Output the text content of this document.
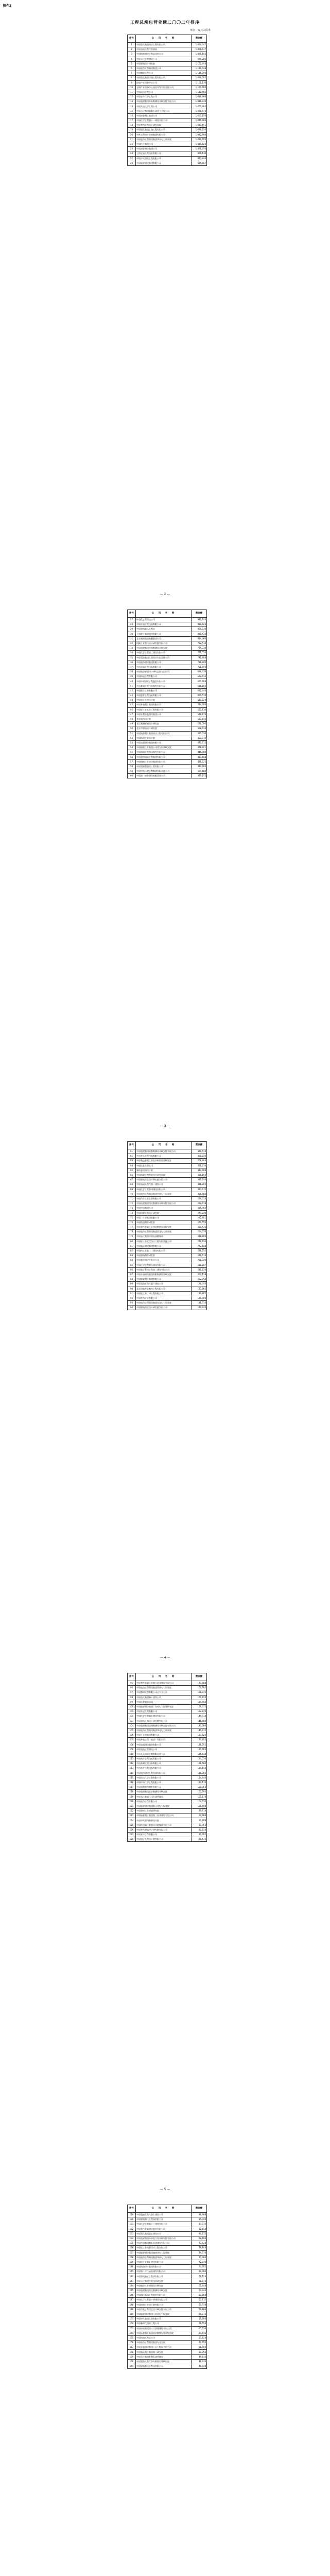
附件2
工程总承包营业额二〇〇二年排序
单位：万元人民币
序号	公　司　名　称	营业额
1	中国石化集团南京工程有限公司	1,064,347
2	中国石油天然气管道局	1,006,537
3	中国铁路建设工程总承包公司	1,001,103
4	中国石化工程建设公司	976,302
5	中国建筑设计研究院	1,150,648
6	中国电力工程顾问集团公司	1,139,548
7	中国寰球工程公司	1,111,793
8	中国石化集团宁波工程有限公司	1,089,302
9	国电产业投资中心公司	1,101,130
10	宝钢产业投资中心技术开发有限责任公司	1,100,000
11	中国成达工程公司	1,112,402
12	中国五环化学工程公司	1,088,760
13	中国电建集团华东勘测设计研究院有限公司	1,086,330
14	中国天辰化学工程公司	1,060,765
15	中国石化集团洛阳石油化工工程公司	1,068,570
16	中国冶金科工集团公司	1,060,150
17	中国化学工程第十一建设有限公司	1,045,306
18	中国有色工程设计研究总院	1,037,651
19	中国石化集团上海工程有限公司	1,028,820
20	中铁工程设计咨询集团有限公司	1,022,490
21	中国电力工程顾问集团华东电力设计院	1,018,703
22	中国化工集团公司	1,015,520
23	中国冶金建设集团公司	1,001,450
24	上海宝冶工程技术有限公司	996,130
25	中国中元国际工程有限公司	973,840
26	中国能源建设集团有限公司	955,607
— 2 —
序号	公　司　名　称	营业额
27	中石化工程建设公司	939,820
28	中国京冶工程技术有限公司	918,626
29	中国建筑第八工程局	866,530
30	上海建工集团股份有限公司	829,412
31	北京城建集团有限责任公司	814,360
32	机械工业第六设计研究院有限公司	792,514
33	中国电建集团中南勘测设计研究院	775,330
34	中国化学工程第三建设有限公司	752,016
35	中国石油集团工程设计有限责任公司	741,608
36	中国电力建设集团有限公司	716,200
37	中冶京诚工程技术有限公司	701,550
38	中国航空规划设计研究总院有限公司	688,330
39	中国核电工程有限公司	672,415
40	中国中材国际工程股份有限公司	650,208
41	中冶赛迪工程技术股份有限公司	638,102
42	中国联合工程有限公司	622,740
43	中国恩菲工程技术有限公司	605,510
44	中国电子工程设计院	587,920
45	中国华电科工集团有限公司	574,206
46	中国轻工业长沙工程有限公司	562,130
47	中国水利水电建设集团公司	549,876
48	华东电力设计院	537,612
49	长江勘测规划设计研究院	521,300
50	北京市建筑设计研究院	508,416
51	中国冶金科工集团南京工程有限公司	495,030
52	中国纺织工业设计院	482,770
53	中国交通建设集团有限公司	470,512
54	中国船舶工业集团公司第九设计研究院	458,201
55	中国海诚工程科技股份有限公司	445,306
56	中国建材国际工程集团有限公司	433,108
57	中国机械工业建设集团有限公司	421,625
58	中国石油管道局工程有限公司	410,294
59	中国中铁二院工程集团有限责任公司	399,880
60	中国第一冶金建设有限责任公司	389,152
— 3 —
序号	公　司　名　称	营业额
61	中国电建集团成都勘测设计研究院有限公司	378,510
62	中冶华天工程技术有限公司	368,720
63	中国有色金属工业长沙勘察设计研究院	359,404
64	中国昆仑工程公司	351,216
65	湖南省建筑设计院	343,908
66	中国市政工程华北设计研究总院	336,150
67	中国建筑东北设计研究院有限公司	328,740
68	中国石油天然气第一建设公司	321,002
69	中国化学工程第四建设有限公司	313,615
70	中国电力工程顾问集团中南电力设计院	306,480
71	中国汽车工业工程有限公司	299,314
72	中国电建集团西北勘测设计研究院有限公司	292,518
73	中国中冶集团公司	285,906
74	中国启源工程设计研究院	279,240
75	中国二十冶集团有限公司	272,801
76	中国铁道科学研究院	266,550
77	中国有色金属工业西安勘察设计研究院	260,412
78	中国电力工程顾问集团西北电力设计院	254,370
79	中国石化集团中原石油勘探局	248,206
80	中国轻工业武汉设计工程有限责任公司	242,630
81	中国航天建设集团有限公司	237,108
82	中国核工业第二二建设有限公司	231,752
83	中国建筑科学研究院	226,514
84	中国新兴建设开发总公司	221,340
85	中国化学工程第六建设有限公司	216,207
86	中国电子系统工程第二建设有限公司	211,630
87	中国水电顾问集团贵阳勘测设计研究院	207,118
88	中国煤炭科工集团有限公司	202,754
89	中国石油天然气第六建设公司	198,340
90	北京国电华北电力工程有限公司	193,962
91	中国轻工业广州工程有限公司	189,805
92	中国华西企业有限公司	185,700
93	中国电力工程顾问集团东北电力设计院	181,516
94	中国建筑西北设计研究院有限公司	177,440
— 4 —
序号	公　司　名　称	营业额
95	中国有色金属工业第六冶金建设有限公司	173,588
96	中国电力工程顾问集团西南电力设计院	169,902
97	中国寰球工程有限公司辽宁分公司	166,312
98	中国石化集团第十建设公司	162,850
99	中国冶金地质总局	159,404
100	中国能源建设集团广东省电力设计研究院	156,012
101	中国天辰工程有限公司	152,730
102	中国化学工程第七建设有限公司	149,518
103	中国建筑上海设计研究院有限公司	146,406
104	中国电建集团昆明勘测设计研究院有限公司	143,360
105	中国电力工程顾问集团华北电力设计院	140,412
106	中国十七冶集团有限公司	137,520
107	中国华电工程（集团）有限公司	134,705
108	中国交通建设股份有限公司	131,952
109	中国石油工程建设公司	129,260
110	中冶长天国际工程有限责任公司	126,638
111	中冶南方工程技术有限公司	124,076
112	中冶焦耐工程技术有限公司	121,580
113	中冶东方工程技术有限公司	119,144
114	中国电力建设工程咨询有限公司	116,762
115	中国成达化学工程有限公司	114,440
116	中国环球化学工程有限公司	112,170
117	中国水利电力对外有限公司	109,956
118	中国电建集团北京勘测设计研究院	107,792
119	中国石化集团江汉石油管理局	105,678
120	中国电力工程有限公司	103,610
121	中国能源建设集团浙江省电力设计院	101,590
122	中国建材工业规划研究院	99,614
123	中国冶金科工集团第三冶金建设有限公司	97,684
124	中国中铁第四勘察设计院	95,798
125	中国铁道第三勘察设计院集团有限公司	93,956
126	中国华东建筑设计研究院有限公司	92,154
127	中国五环工程有限公司	90,392
128	中国电子工程设计院有限公司	88,672
— 5 —
序号	公　司　名　称	营业额
129	中国石油天然气第七建设公司	86,988
130	中国建筑第二工程局有限公司	85,340
131	中国化学工程第十三建设有限公司	83,730
132	中国有色金属建设股份有限公司	82,154
133	中国石化集团第五建设公司	80,612
134	中国电建集团华中电力设计研究院有限公司	79,104
135	中国中冶集团第五冶金建设有限公司	77,628
136	中国轻工业成都设计工程有限公司	76,184
137	中国能源建设集团湖南省电力设计院	74,770
138	中国电力工程顾问集团华南电力设计院	73,386
139	中国核工业第五建设有限公司	72,030
140	中国铁路设计集团有限公司	70,702
141	中国第二十二冶金建设有限公司	69,400
142	中国建筑第五工程局有限公司	68,124
143	中国石化集团宁波技术研究院	66,874
144	中国航空工业规划设计研究院	65,648
145	中国电建集团西北勘测设计研究院	64,446
146	中国海洋石油工程股份有限公司	63,268
147	中国化学工程第十四建设有限公司	62,112
148	中国纺织工业设计院有限公司	60,978
149	中国市政工程西北设计研究院有限公司	59,866
150	中国能源建设集团江苏省电力设计院	58,776
151	中国中化集团工程有限公司	57,706
152	中国新时代国际工程公司	56,656
153	中国中冶集团第十三冶金建设有限公司	55,626
154	中国冶金科工集团北京钢铁设计研究总院	54,616
155	中国铁路工程总公司	53,624
156	中国电力工程顾问集团东北分院	52,650
157	中国水电建设集团十五工程局有限公司	51,694
158	中国航天科工集团第二研究院	50,756
159	中国石化集团胜利石油管理局	49,836
160	中国石油天然气华东勘察设计研究院	48,934
161	中国建筑第六工程局有限公司	48,048
